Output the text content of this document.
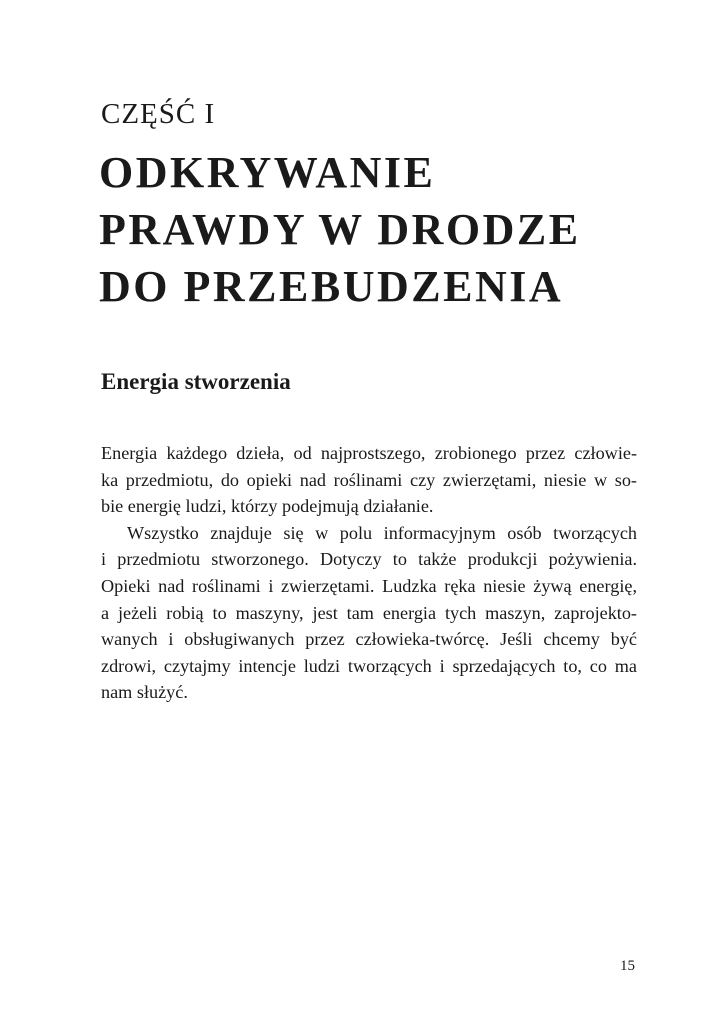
CZĘŚĆ I
ODKRYWANIE
PRAWDY W DRODZE
DO PRZEBUDZENIA
Energia stworzenia

Energia każdego dzieła, od najprostszego, zrobionego przez człowie-
ka przedmiotu, do opieki nad roślinami czy zwierzętami, niesie w so-
bie energię ludzi, którzy podejmują działanie.

Wszystko znajduje się w polu informacyjnym osób tworzących
i przedmiotu stworzonego. Dotyczy to także produkcji pożywienia.
Opieki nad roślinami i zwierzętami. Ludzka ręka niesie żywą energię,
a jeżeli robią to maszyny, jest tam energia tych maszyn, zaprojekto-
wanych i obsługiwanych przez człowieka-twórcę. Jeśli chcemy być
zdrowi, czytajmy intencje ludzi tworzących i sprzedających to, co ma
nam służyć.

15
